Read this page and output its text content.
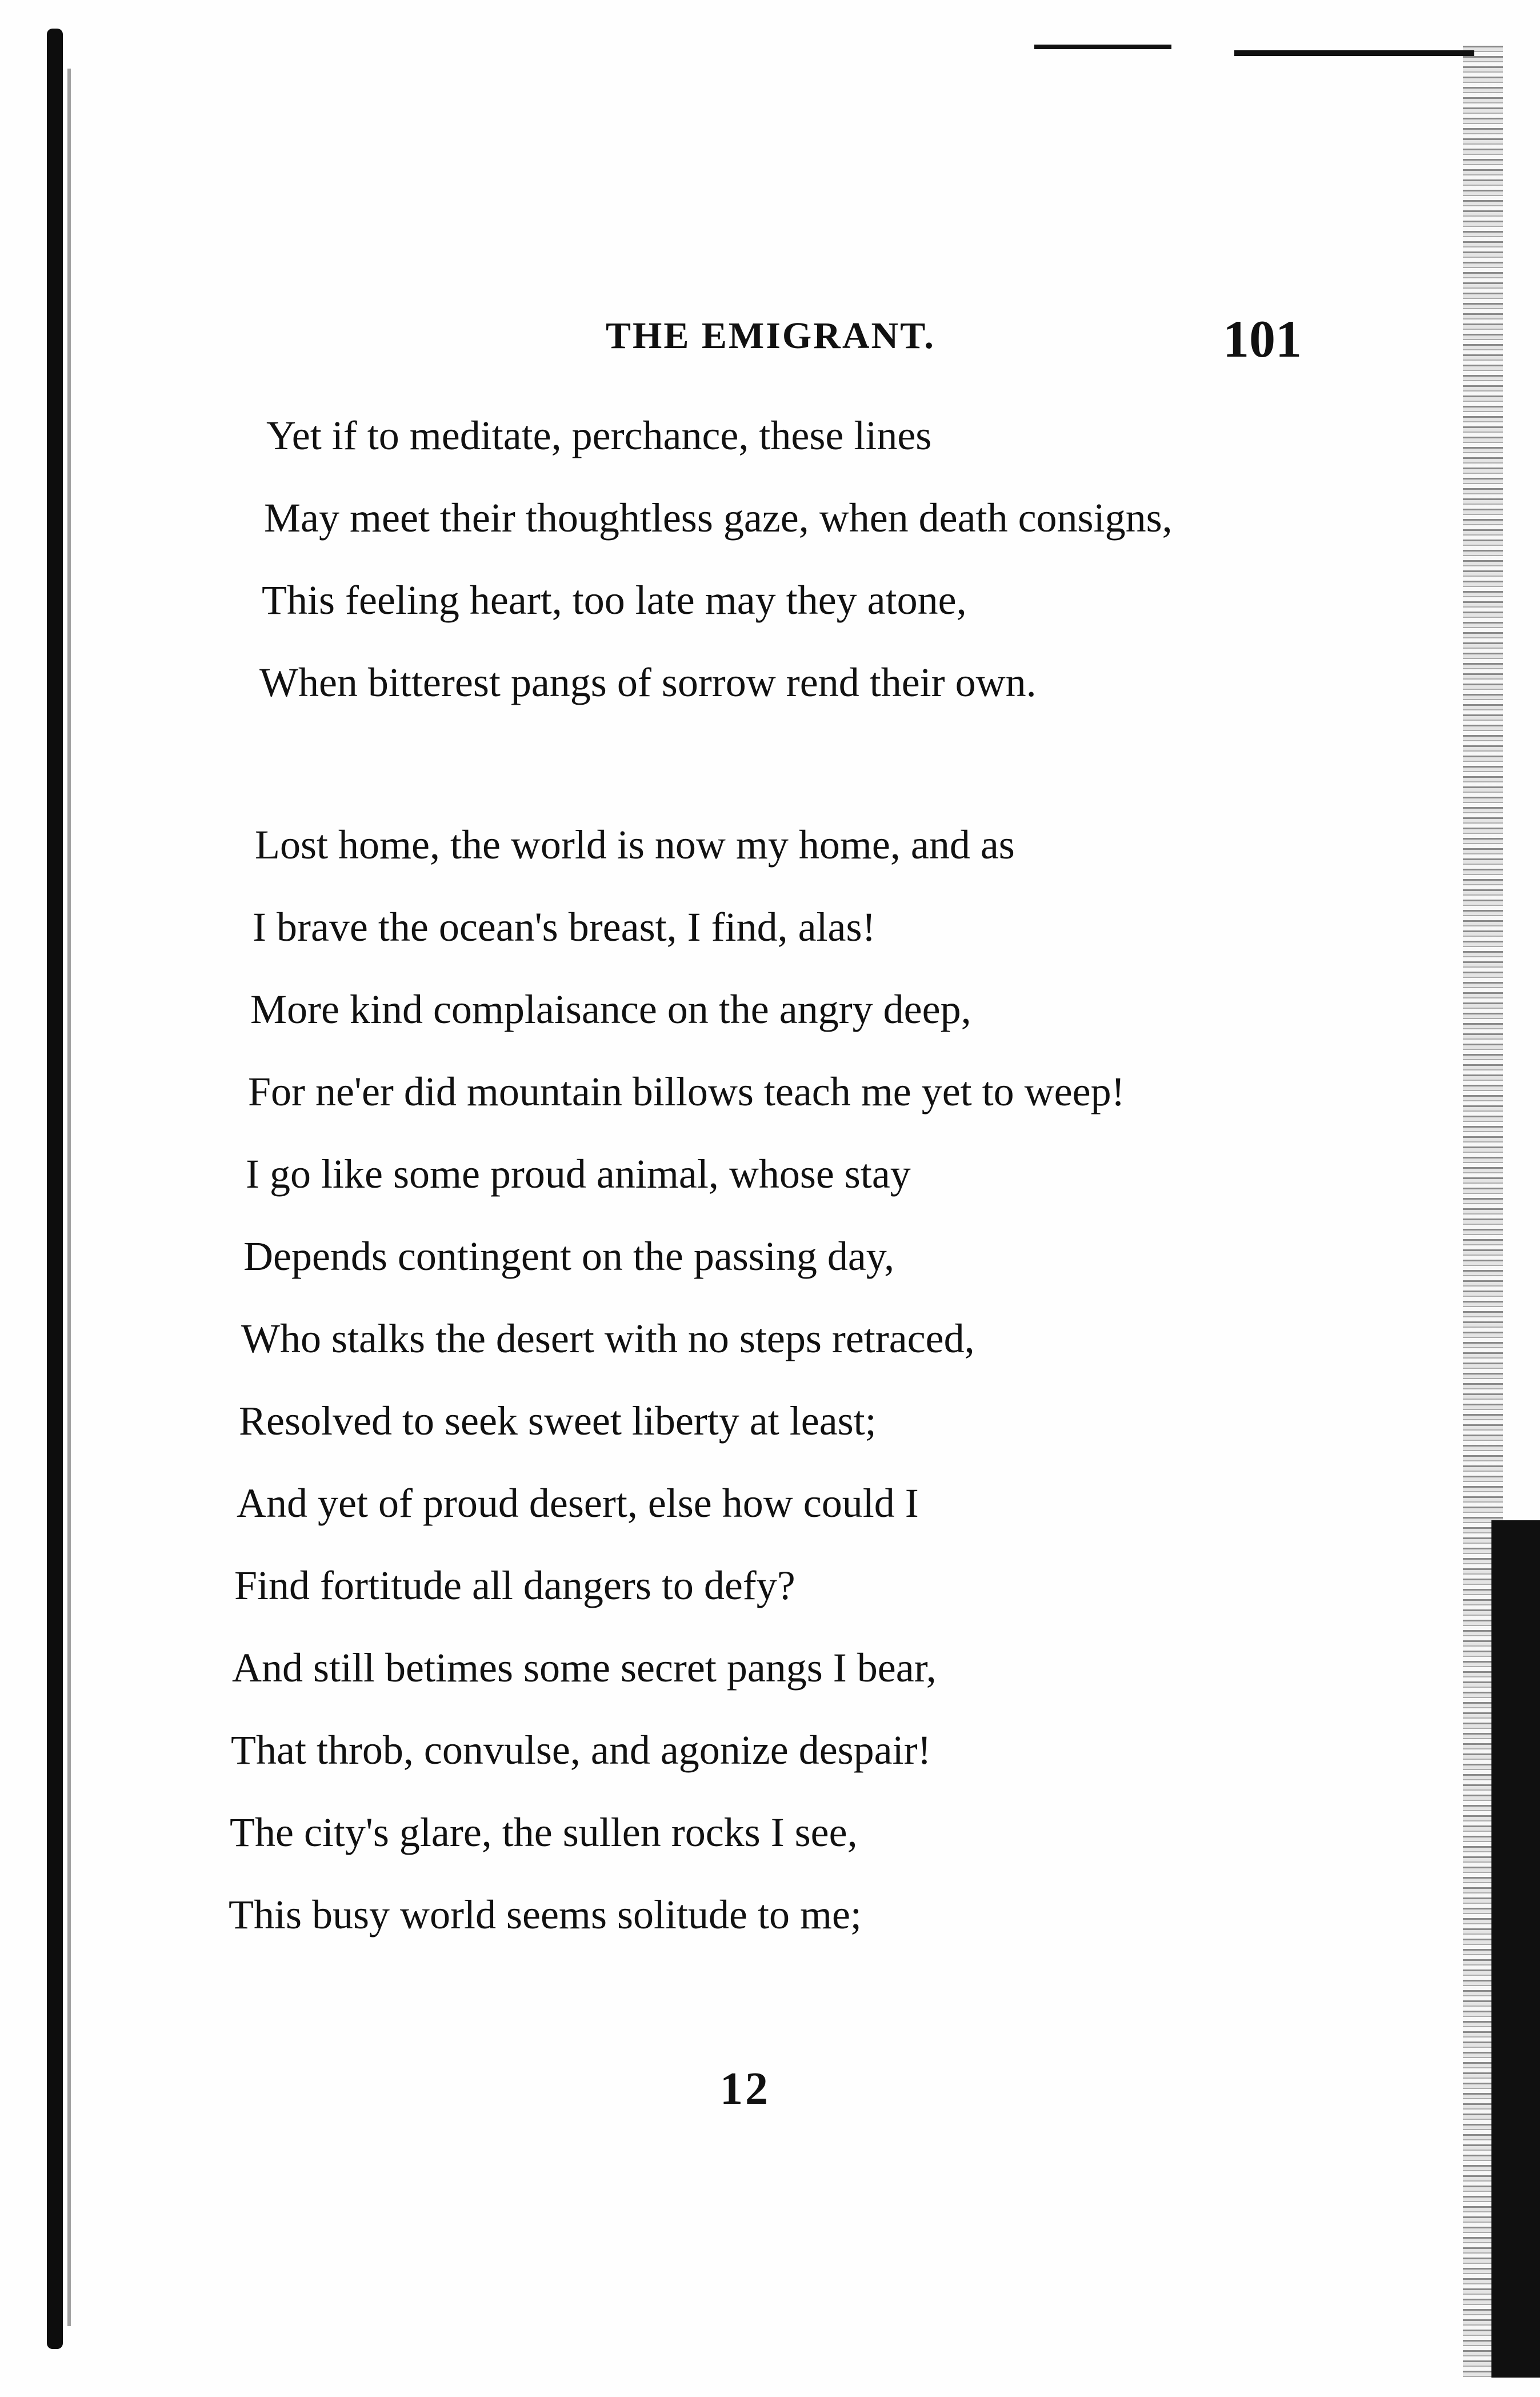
THE EMIGRANT.	101
Yet if to meditate, perchance, these lines
May meet their thoughtless gaze, when death consigns,
This feeling heart, too late may they atone,
When bitterest pangs of sorrow rend their own.
Lost home, the world is now my home, and as
I brave the ocean's breast, I find, alas!
More kind complaisance on the angry deep,
For ne'er did mountain billows teach me yet to weep!
I go like some proud animal, whose stay
Depends contingent on the passing day,
Who stalks the desert with no steps retraced,
Resolved to seek sweet liberty at least;
And yet of proud desert, else how could I
Find fortitude all dangers to defy?
And still betimes some secret pangs I bear,
That throb, convulse, and agonize despair!
The city's glare, the sullen rocks I see,
This busy world seems solitude to me;
12
